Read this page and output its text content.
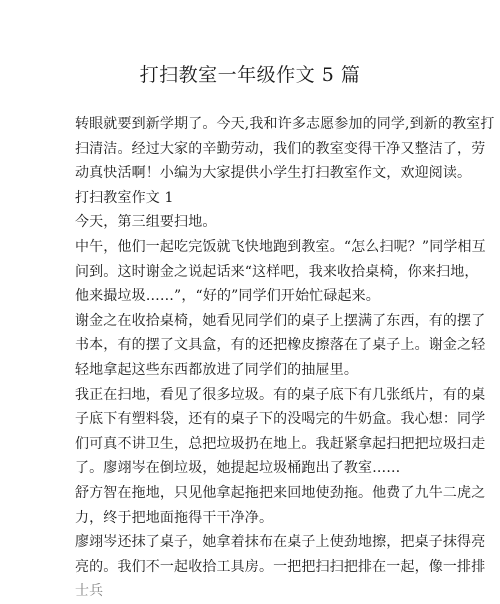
打扫教室一年级作文 5 篇
转眼就要到新学期了。今天,我和许多志愿参加的同学,到新的教室打
扫清洁。经过大家的辛勤劳动，我们的教室变得干净又整洁了，劳
动真快活啊！小编为大家提供小学生打扫教室作文，欢迎阅读。
打扫教室作文 1
今天，第三组要扫地。
中午，他们一起吃完饭就飞快地跑到教室。“怎么扫呢？”同学相互
问到。这时谢金之说起话来“这样吧，我来收拾桌椅，你来扫地，
他来撮垃圾……”，“好的”同学们开始忙碌起来。
谢金之在收拾桌椅，她看见同学们的桌子上摆满了东西，有的摆了
书本，有的摆了文具盒，有的还把橡皮擦落在了桌子上。谢金之轻
轻地拿起这些东西都放进了同学们的抽屉里。
我正在扫地，看见了很多垃圾。有的桌子底下有几张纸片，有的桌
子底下有塑料袋，还有的桌子下的没喝完的牛奶盒。我心想：同学
们可真不讲卫生，总把垃圾扔在地上。我赶紧拿起扫把把垃圾扫走
了。廖翊岑在倒垃圾，她提起垃圾桶跑出了教室……
舒方智在拖地，只见他拿起拖把来回地使劲拖。他费了九牛二虎之
力，终于把地面拖得干干净净。
廖翊岑还抹了桌子，她拿着抹布在桌子上使劲地擦，把桌子抹得亮
亮的。我们不一起收拾工具房。一把把扫扫把排在一起，像一排排
士兵
